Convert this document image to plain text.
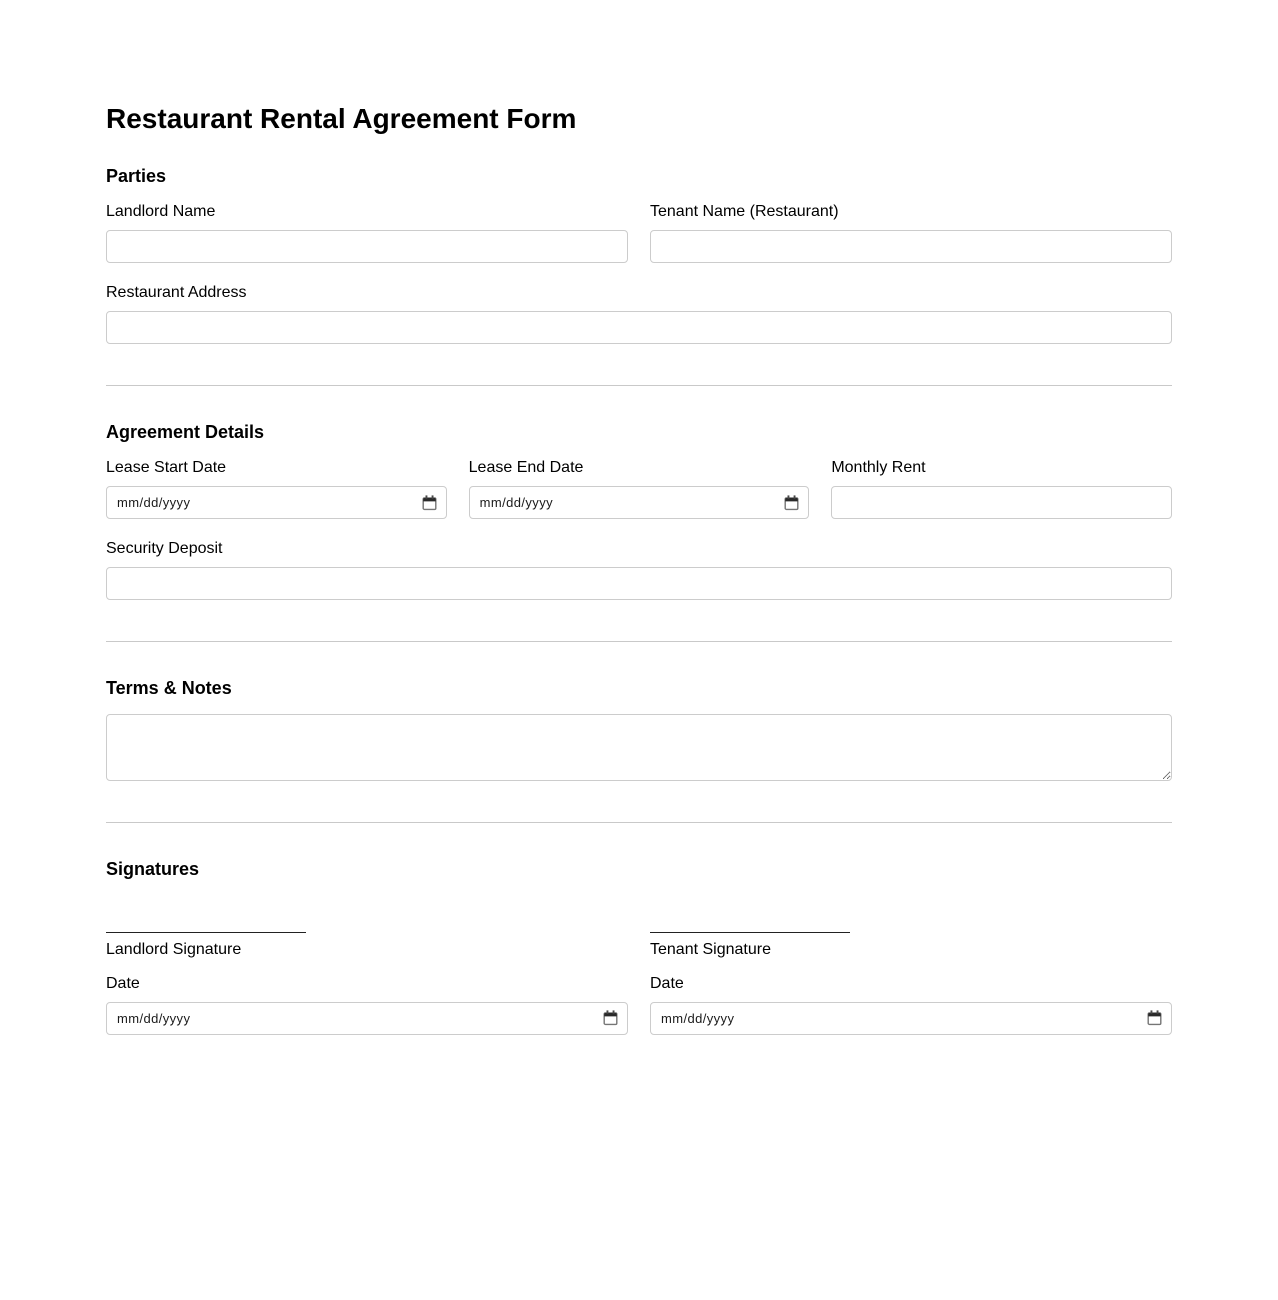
Restaurant Rental Agreement Form
Parties
Landlord Name	Tenant Name (Restaurant)
Restaurant Address
Agreement Details
Lease Start Date
mm/dd/yyyy
Lease End Date
mm/dd/yyyy
Monthly Rent
Security Deposit
Terms & Notes
Signatures
Landlord Signature
Date
mm/dd/yyyy
Tenant Signature
Date
mm/dd/yyyy
